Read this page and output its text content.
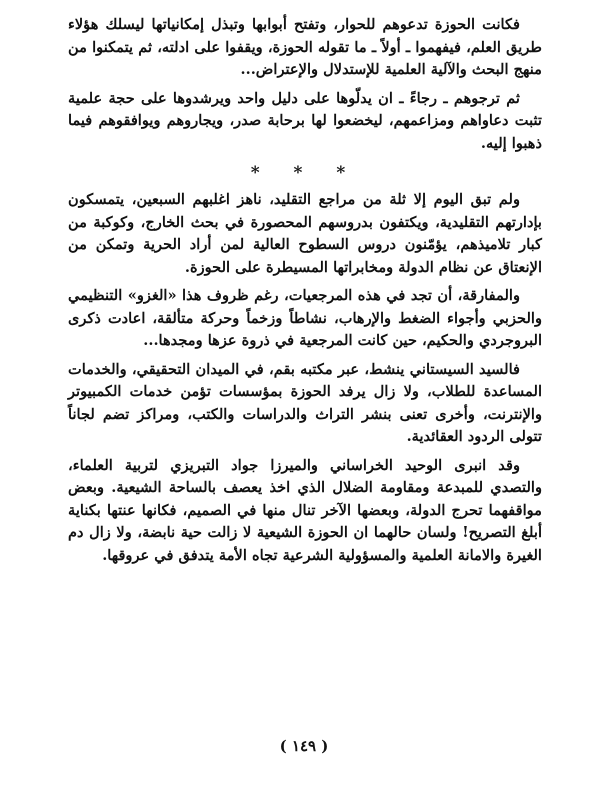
فكانت الحوزة تدعوهم للحوار، وتفتح أبوابها وتبذل إمكانياتها ليسلك هؤلاء طريق العلم، فيفهموا ـ أولاً ـ ما تقوله الحوزة، ويقفوا على ادلته، ثم يتمكنوا من منهج البحث والآلية العلمية للإستدلال والإعتراض...

ثم ترجوهم ـ رجاءً ـ ان يدلّوها على دليل واحد ويرشدوها على حجة علمية تثبت دعاواهم ومزاعمهم، ليخضعوا لها برحابة صدر، ويجاروهم ويوافقوهم فيما ذهبوا إليه.

* * *

ولم تبق اليوم إلا ثلة من مراجع التقليد، ناهز اغلبهم السبعين، يتمسكون بإدارتهم التقليدية، ويكتفون بدروسهم المحصورة في بحث الخارج، وكوكبة من كبار تلاميذهم، يؤمّنون دروس السطوح العالية لمن أراد الحرية وتمكن من الإنعتاق عن نظام الدولة ومخابراتها المسيطرة على الحوزة.

والمفارقة، أن تجد في هذه المرجعيات، رغم ظروف هذا «الغزو» التنظيمي والحزبي وأجواء الضغط والإرهاب، نشاطاً وزخماً وحركة متألقة، اعادت ذكرى البروجردي والحكيم، حين كانت المرجعية في ذروة عزها ومجدها...

فالسيد السيستاني ينشط، عبر مكتبه بقم، في الميدان التحقيقي، والخدمات المساعدة للطلاب، ولا زال يرفد الحوزة بمؤسسات تؤمن خدمات الكمبيوتر والإنترنت، وأخرى تعنى بنشر التراث والدراسات والكتب، ومراكز تضم لجاناً تتولى الردود العقائدية.

وقد انبرى الوحيد الخراساني والميرزا جواد التبريزي لتربية العلماء، والتصدي للمبدعة ومقاومة الضلال الذي اخذ يعصف بالساحة الشيعية. وبعض مواقفهما تحرج الدولة، وبعضها الآخر تنال منها في الصميم، فكانها عنتها بكناية أبلغ التصريح! ولسان حالهما ان الحوزة الشيعية لا زالت حية نابضة، ولا زال دم الغيرة والامانة العلمية والمسؤولية الشرعية تجاه الأمة يتدفق في عروقها.

( ١٤٩ )
